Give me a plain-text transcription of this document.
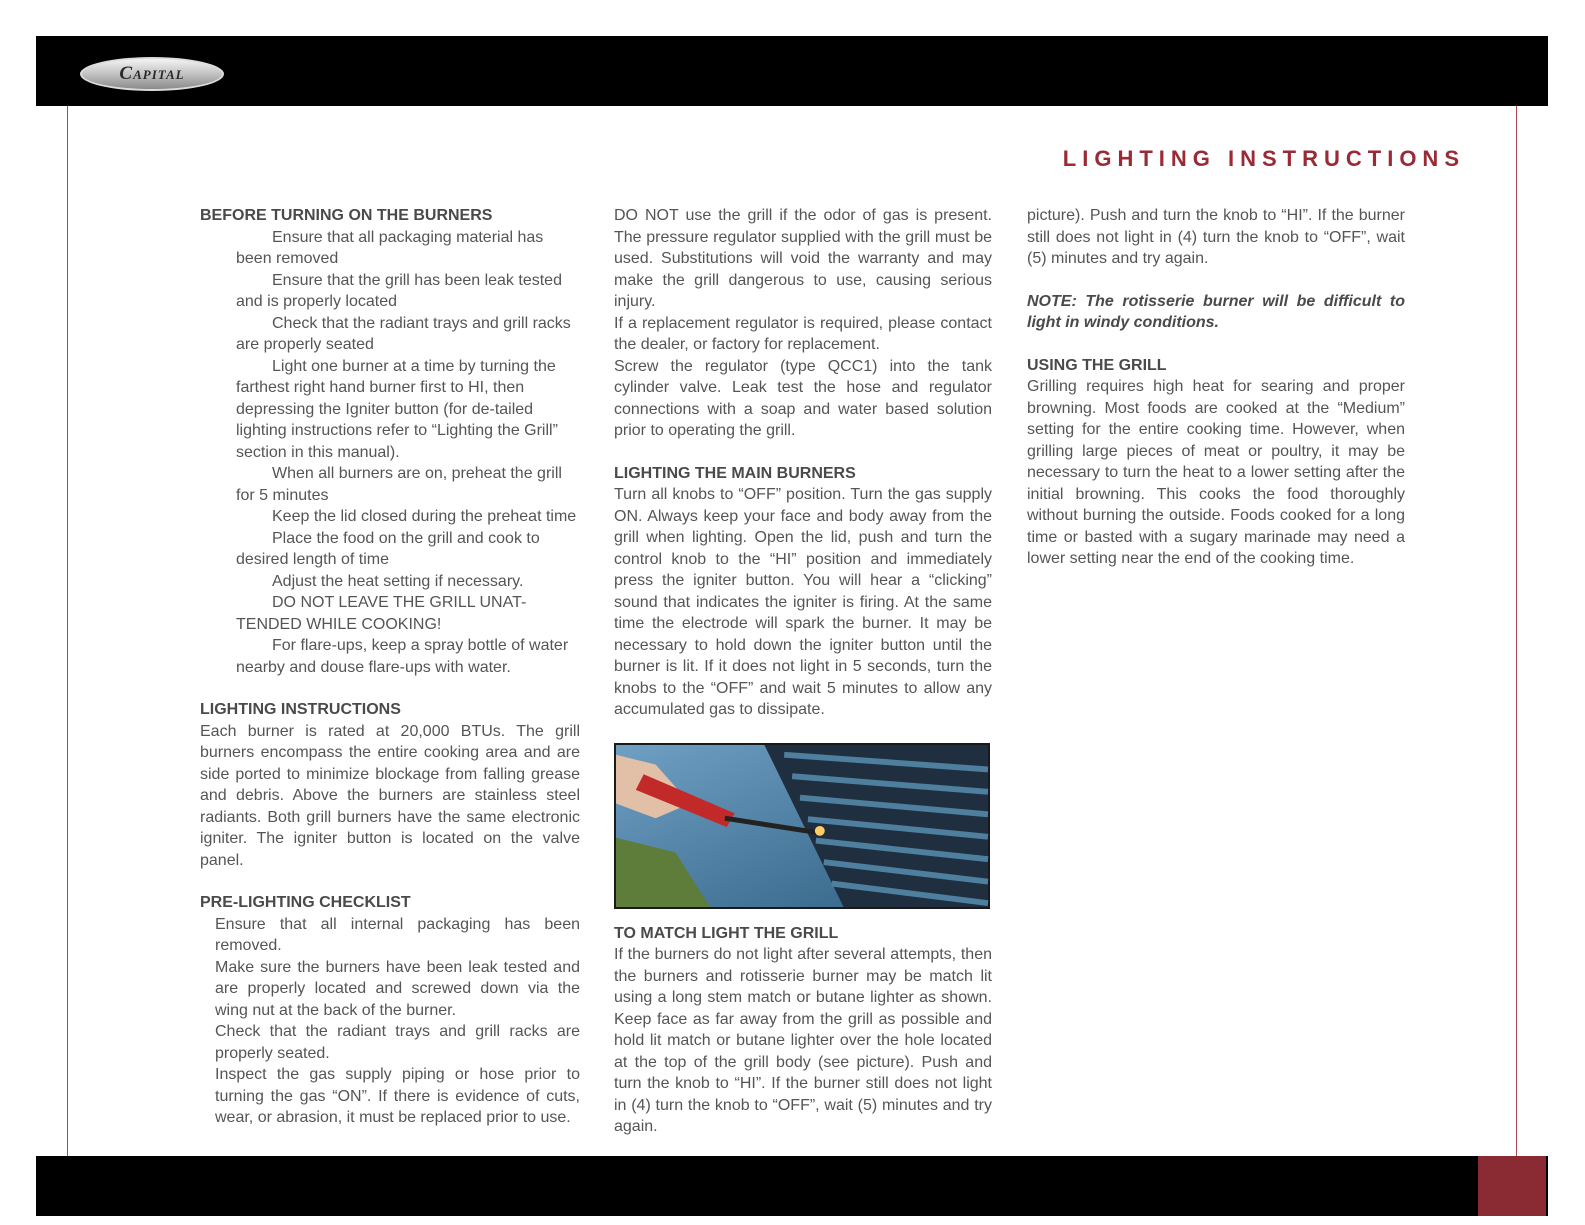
Capital
LIGHTING INSTRUCTIONS
BEFORE TURNING ON THE BURNERS

Ensure that all packaging material has been removed

Ensure that the grill has been leak tested and is properly located

Check that the radiant trays and grill racks are properly seated

Light one burner at a time by turning the farthest right hand burner first to HI, then depressing the Igniter button (for de-tailed lighting instructions refer to “Lighting the Grill” section in this manual).

When all burners are on, preheat the grill for 5 minutes

Keep the lid closed during the preheat time

Place the food on the grill and cook to desired length of time

Adjust the heat setting if necessary.

DO NOT LEAVE THE GRILL UNAT-TENDED WHILE COOKING!

For flare-ups, keep a spray bottle of water nearby and douse flare-ups with water.

LIGHTING INSTRUCTIONS

Each burner is rated at 20,000 BTUs. The grill burners encompass the entire cooking area and are side ported to minimize blockage from falling grease and debris. Above the burners are stainless steel radiants. Both grill burners have the same electronic igniter. The igniter button is located on the valve panel.

PRE-LIGHTING CHECKLIST

Ensure that all internal packaging has been removed.

Make sure the burners have been leak tested and are properly located and screwed down via the wing nut at the back of the burner.

Check that the radiant trays and grill racks are properly seated.

Inspect the gas supply piping or hose prior to turning the gas “ON”. If there is evidence of cuts, wear, or abrasion, it must be replaced prior to use.

DO NOT use the grill if the odor of gas is present. The pressure regulator supplied with the grill must be used. Substitutions will void the warranty and may make the grill dangerous to use, causing serious injury.

If a replacement regulator is required, please contact the dealer, or factory for replacement.

Screw the regulator (type QCC1) into the tank cylinder valve. Leak test the hose and regulator connections with a soap and water based solution prior to operating the grill.

LIGHTING THE MAIN BURNERS

Turn all knobs to “OFF” position. Turn the gas supply ON. Always keep your face and body away from the grill when lighting. Open the lid, push and turn the control knob to the “HI” position and immediately press the igniter button. You will hear a “clicking” sound that indicates the igniter is firing. At the same time the electrode will spark the burner. It may be necessary to hold down the igniter button until the burner is lit. If it does not light in 5 seconds, turn the knobs to the “OFF” and wait 5 minutes to allow any accumulated gas to dissipate.

TO MATCH LIGHT THE GRILL

If the burners do not light after several attempts, then the burners and rotisserie burner may be match lit using a long stem match or butane lighter as shown. Keep face as far away from the grill as possible and hold lit match or butane lighter over the hole located at the top of the grill body (see picture). Push and turn the knob to “HI”. If the burner still does not light in (4) turn the knob to “OFF”, wait (5) minutes and try again.

picture). Push and turn the knob to “HI”. If the burner still does not light in (4) turn the knob to “OFF”, wait (5) minutes and try again.

NOTE: The rotisserie burner will be difficult to light in windy conditions.

USING THE GRILL

Grilling requires high heat for searing and proper browning. Most foods are cooked at the “Medium” setting for the entire cooking time. However, when grilling large pieces of meat or poultry, it may be necessary to turn the heat to a lower setting after the initial browning. This cooks the food thoroughly without burning the outside. Foods cooked for a long time or basted with a sugary marinade may need a lower setting near the end of the cooking time.
